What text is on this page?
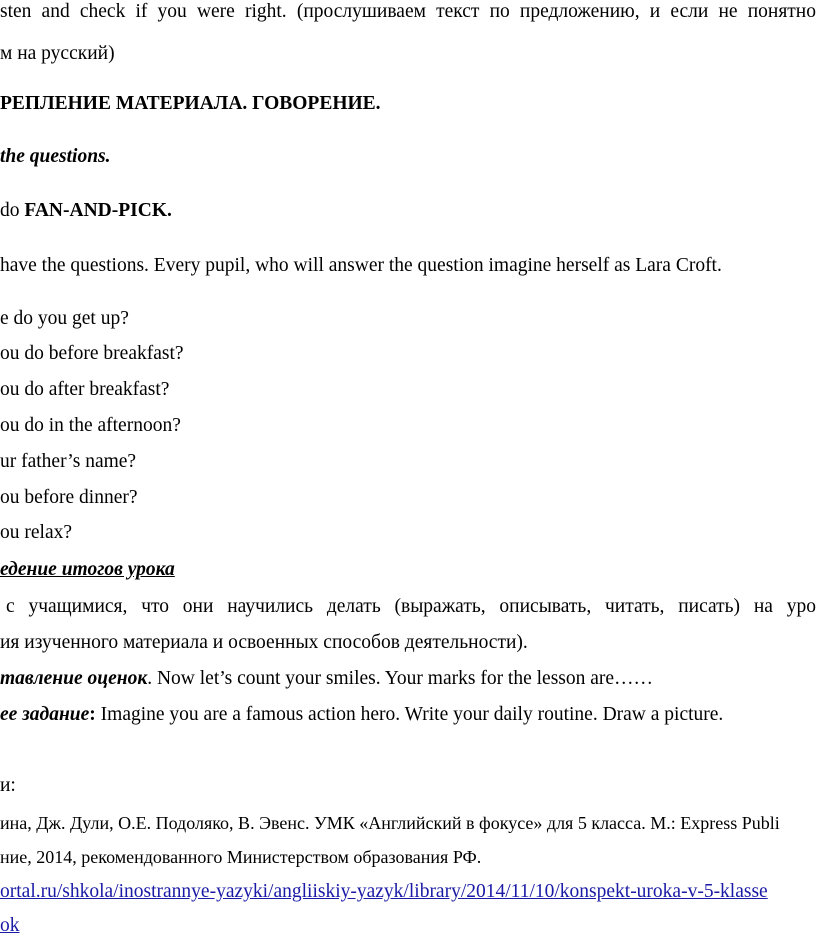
sten and check if you were right. (прослушиваем текст по предложению, и если не понятно
м на русский)
РЕПЛЕНИЕ МАТЕРИАЛА. ГОВОРЕНИЕ.
the questions.
do FAN-AND-PICK.
have the questions. Every pupil, who will answer the question imagine herself as Lara Croft.
e do you get up?
ou do before breakfast?
ou do after breakfast?
ou do in the afternoon?
ur father’s name?
ou before dinner?
ou relax?
едение итогов урока
с учащимися, что они научились делать (выражать, описывать, читать, писать) на уро
ия изученного материала и освоенных способов деятельности).
тавление оценок. Now let’s count your smiles. Your marks for the lesson are……
ее задание: Imagine you are a famous action hero. Write your daily routine. Draw a picture.
и:
ина, Дж. Дули, О.Е. Подоляко, В. Эвенс. УМК «Английский в фокусе» для 5 класса. М.: Express Publi
ние, 2014, рекомендованного Министерством образования РФ.
ortal.ru/shkola/inostrannye-yazyki/angliiskiy-yazyk/library/2014/11/10/konspekt-uroka-v-5-klasse
ok
